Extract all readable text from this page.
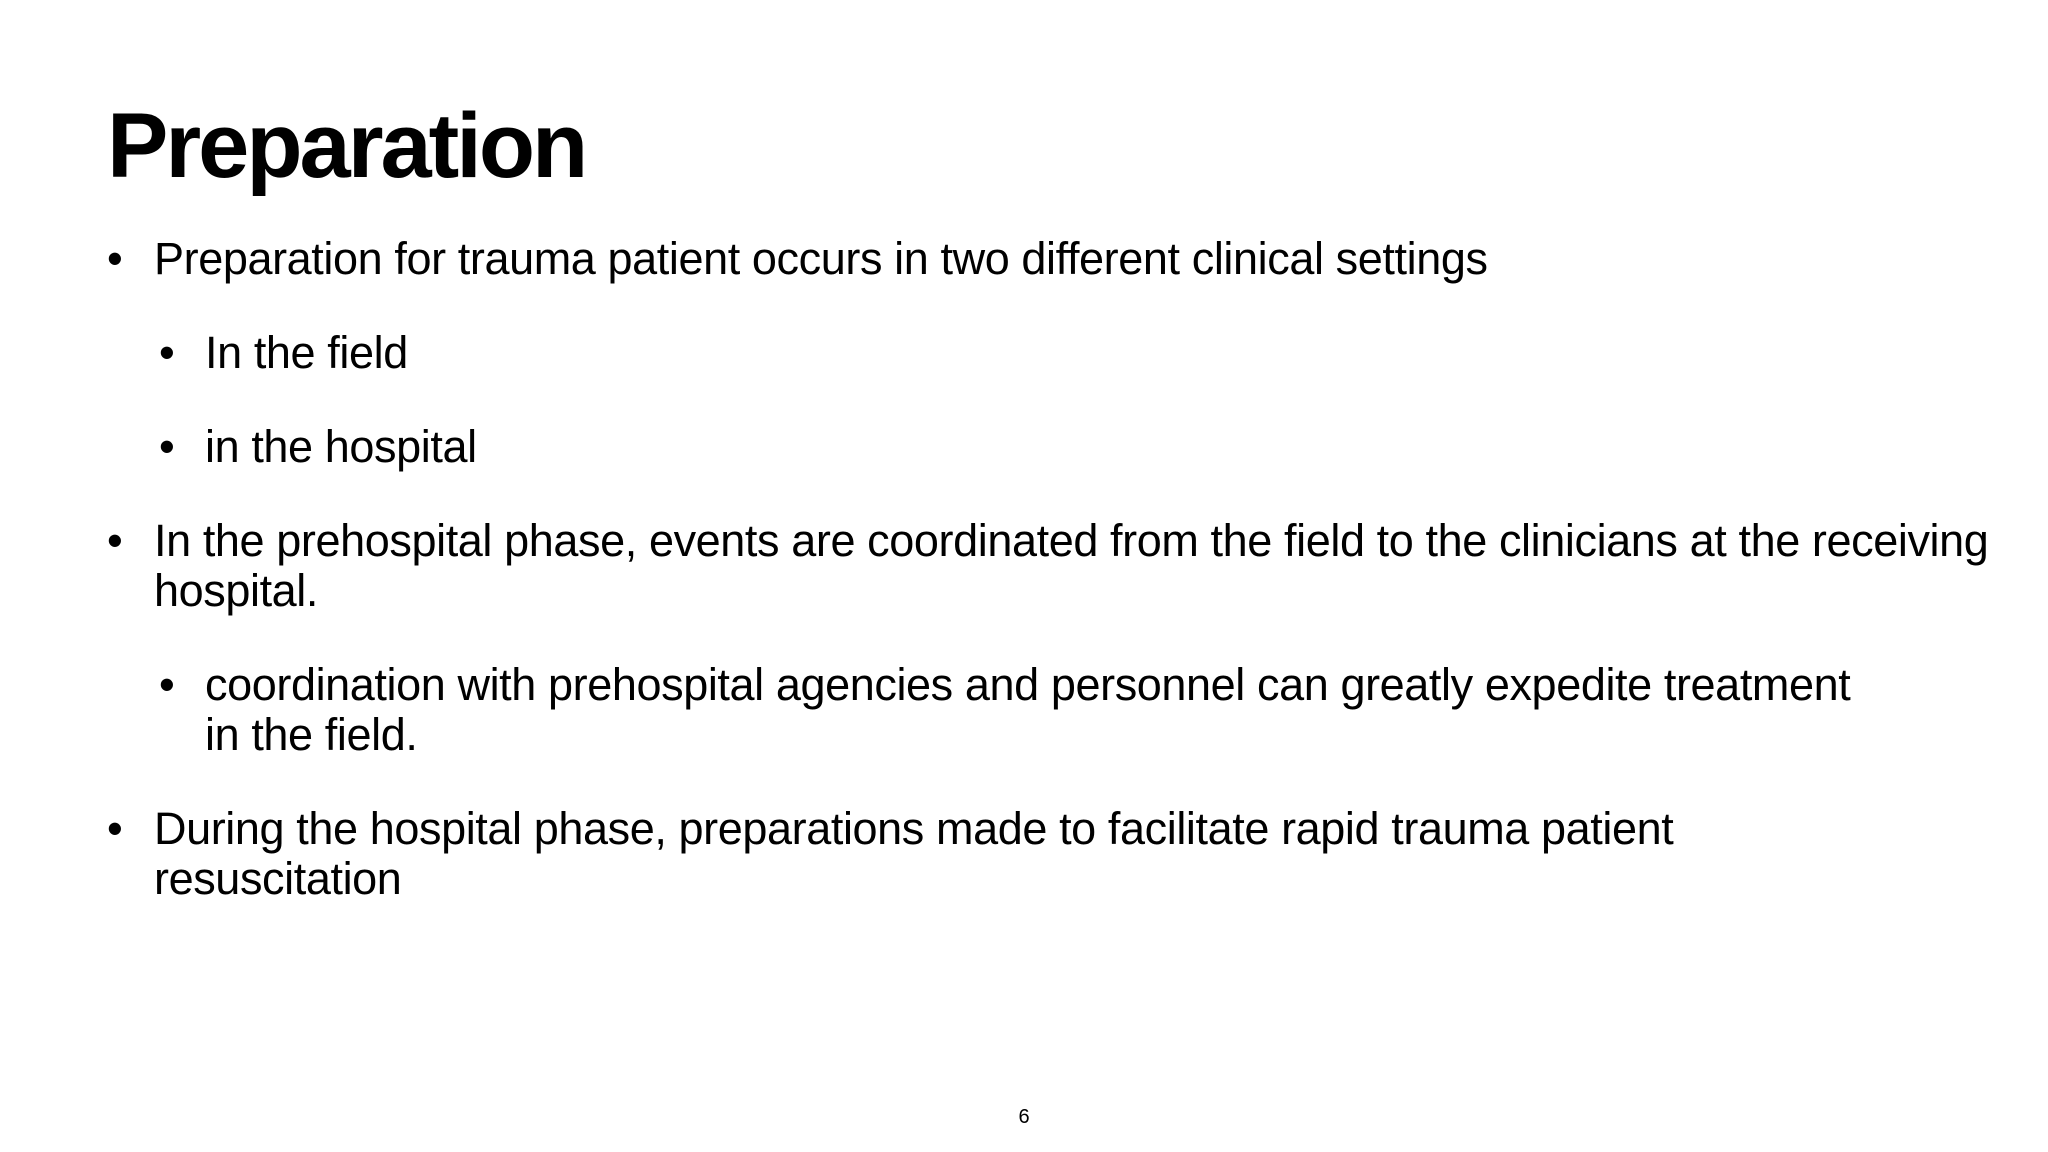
Preparation
• Preparation for trauma patient occurs in two different clinical settings
• In the field
• in the hospital
• In the prehospital phase, events are coordinated from the field to the clinicians at the receiving hospital.
• coordination with prehospital agencies and personnel can greatly expedite treatment in the field.
• During the hospital phase, preparations made to facilitate rapid trauma patient resuscitation
6
